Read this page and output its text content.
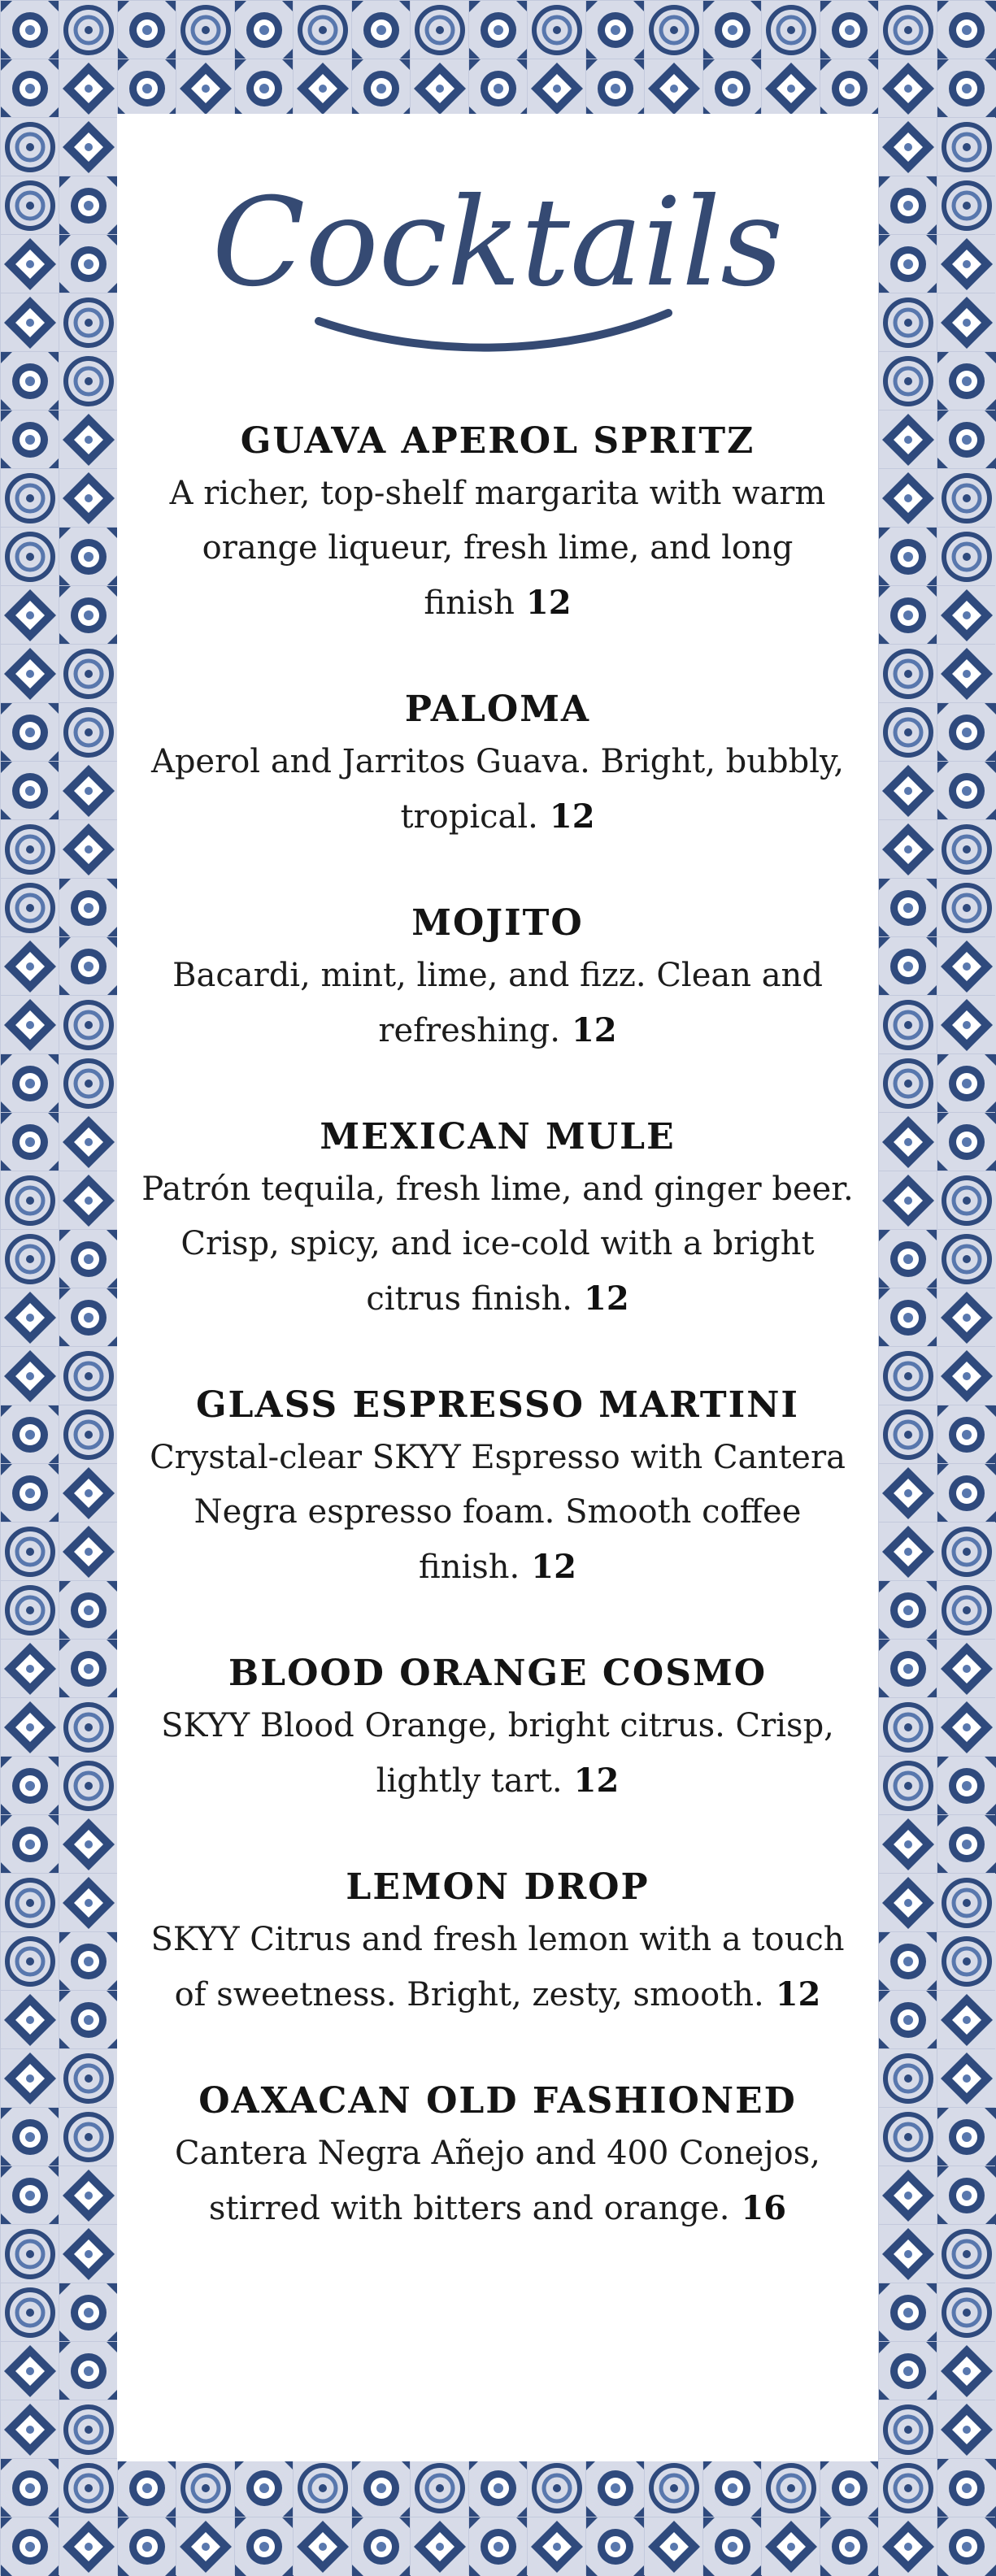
Cocktails

GUAVA APEROL SPRITZ

A richer, top-shelf margarita with warm orange liqueur, fresh lime, and long finish 12

PALOMA

Aperol and Jarritos Guava. Bright, bubbly, tropical. 12

MOJITO

Bacardi, mint, lime, and fizz. Clean and refreshing. 12

MEXICAN MULE

Patrón tequila, fresh lime, and ginger beer. Crisp, spicy, and ice-cold with a bright citrus finish. 12

GLASS ESPRESSO MARTINI

Crystal-clear SKYY Espresso with Cantera Negra espresso foam. Smooth coffee finish. 12

BLOOD ORANGE COSMO

SKYY Blood Orange, bright citrus. Crisp, lightly tart. 12

LEMON DROP

SKYY Citrus and fresh lemon with a touch of sweetness. Bright, zesty, smooth. 12

OAXACAN OLD FASHIONED

Cantera Negra Añejo and 400 Conejos, stirred with bitters and orange. 16
